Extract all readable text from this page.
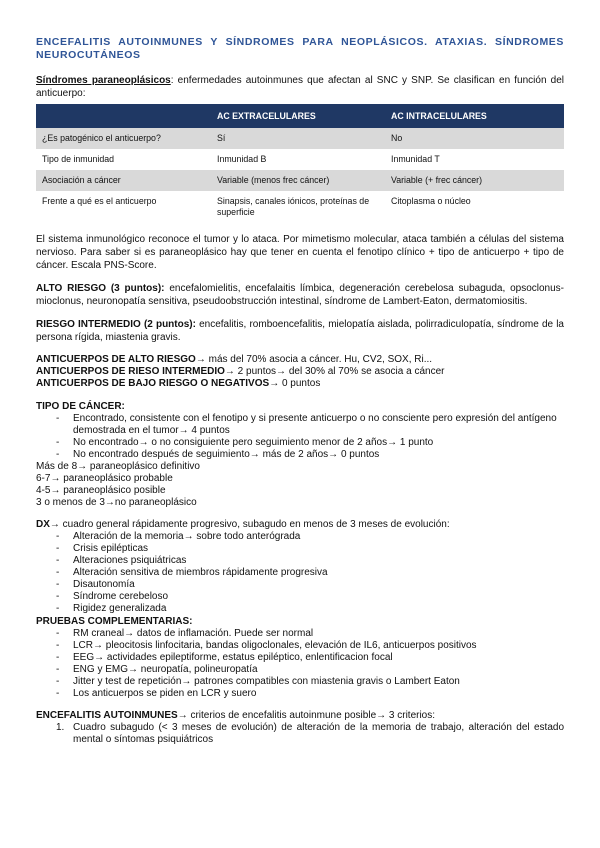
ENCEFALITIS AUTOINMUNES Y SÍNDROMES PARA NEOPLÁSICOS. ATAXIAS. SÍNDROMES NEUROCUTÁNEOS

Síndromes paraneoplásicos: enfermedades autoinmunes que afectan al SNC y SNP. Se clasifican en función del anticuerpo:

	AC EXTRACELULARES	AC INTRACELULARES
¿Es patogénico el anticuerpo?	Sí	No
Tipo de inmunidad	Inmunidad B	Inmunidad T
Asociación a cáncer	Variable (menos frec cáncer)	Variable (+ frec cáncer)
Frente a qué es el anticuerpo	Sinapsis, canales iónicos, proteínas de superficie	Citoplasma o núcleo

El sistema inmunológico reconoce el tumor y lo ataca. Por mimetismo molecular, ataca también a células del sistema nervioso. Para saber si es paraneoplásico hay que tener en cuenta el fenotipo clínico + tipo de anticuerpo + tipo de cáncer. Escala PNS-Score.

ALTO RIESGO (3 puntos): encefalomielitis, encefalaitis límbica, degeneración cerebelosa subaguda, opsoclonus-mioclonus, neuronopatía sensitiva, pseudoobstrucción intestinal, síndrome de Lambert-Eaton, dermatomiositis.

RIESGO INTERMEDIO (2 puntos): encefalitis, romboencefalitis, mielopatía aislada, polirradiculopatía, síndrome de la persona rígida, miastenia gravis.

ANTICUERPOS DE ALTO RIESGO→ más del 70% asocia a cáncer. Hu, CV2, SOX, Ri...

ANTICUERPOS DE RIESO INTERMEDIO→ 2 puntos→ del 30% al 70% se asocia a cáncer

ANTICUERPOS DE BAJO RIESGO O NEGATIVOS→ 0 puntos

TIPO DE CÁNCER:

- Encontrado, consistente con el fenotipo y si presente anticuerpo o no consciente pero expresión del antígeno demostrada en el tumor→ 4 puntos
- No encontrado→ o no consiguiente pero seguimiento menor de 2 años→ 1 punto
- No encontrado después de seguimiento→ más de 2 años→ 0 puntos

Más de 8→ paraneoplásico definitivo

6-7→ paraneoplásico probable

4-5→ paraneoplásico posible

3 o menos de 3→no paraneoplásico

DX→ cuadro general rápidamente progresivo, subagudo en menos de 3 meses de evolución:

- Alteración de la memoria→ sobre todo anterógrada
- Crisis epilépticas
- Alteraciones psiquiátricas
- Alteración sensitiva de miembros rápidamente progresiva
- Disautonomía
- Síndrome cerebeloso
- Rigidez generalizada

PRUEBAS COMPLEMENTARIAS:

- RM craneal→ datos de inflamación. Puede ser normal
- LCR→ pleocitosis linfocitaria, bandas oligoclonales, elevación de IL6, anticuerpos positivos
- EEG→ actividades epileptiforme, estatus epiléptico, enlentificacion focal
- ENG y EMG→ neuropatía, polineuropatía
- Jitter y test de repetición→ patrones compatibles con miastenia gravis o Lambert Eaton
- Los anticuerpos se piden en LCR y suero

ENCEFALITIS AUTOINMUNES→ criterios de encefalitis autoinmune posible→ 3 criterios:

1. Cuadro subagudo (< 3 meses de evolución) de alteración de la memoria de trabajo, alteración del estado mental o síntomas psiquiátricos
